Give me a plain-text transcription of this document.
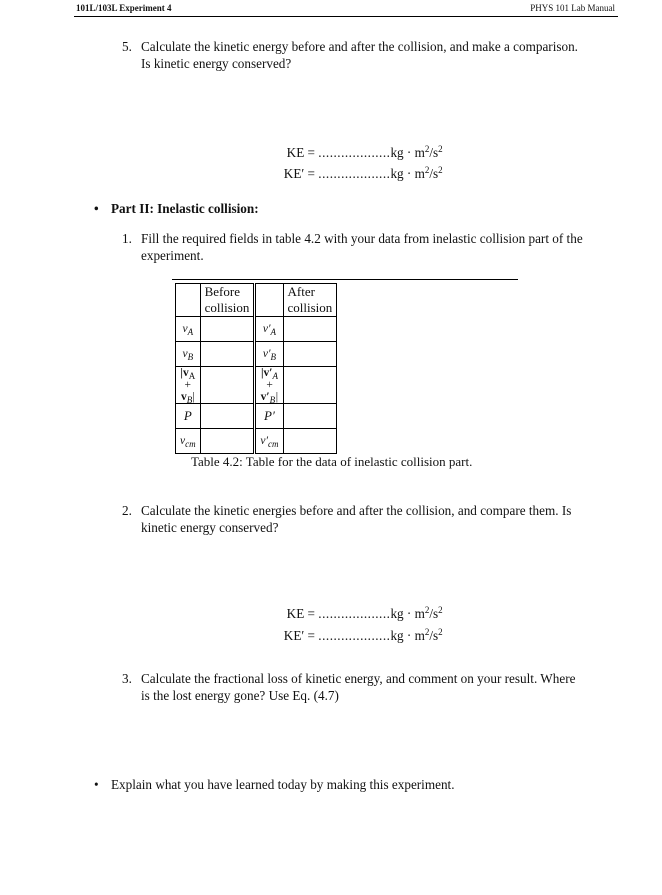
101L/103L Experiment 4	PHYS 101 Lab Manual
5. Calculate the kinetic energy before and after the collision, and make a comparison.
Is kinetic energy conserved?
KE = $...................kg \cdot m^2/s^2$
$KE' = ...................kg \cdot m^2/s^2$
• Part II: Inelastic collision:
1. Fill the required fields in table 4.2 with your data from inelastic collision part of the
experiment.
	Before collision		After collision
$v_A$		$v'_A$	
$v_B$		$v'_B$	
$|v_A + v_B|$		$|v'_A + v'_B|$	
P		P′	
$v_{cm}$		$v'_{cm}$	
Table 4.2: Table for the data of inelastic collision part.
2. Calculate the kinetic energies before and after the collision, and compare them. Is
kinetic energy conserved?
KE = $...................kg \cdot m^2/s^2$
$KE' = ...................kg \cdot m^2/s^2$
3. Calculate the fractional loss of kinetic energy, and comment on your result. Where
is the lost energy gone? Use Eq. (4.7)
• Explain what you have learned today by making this experiment.
